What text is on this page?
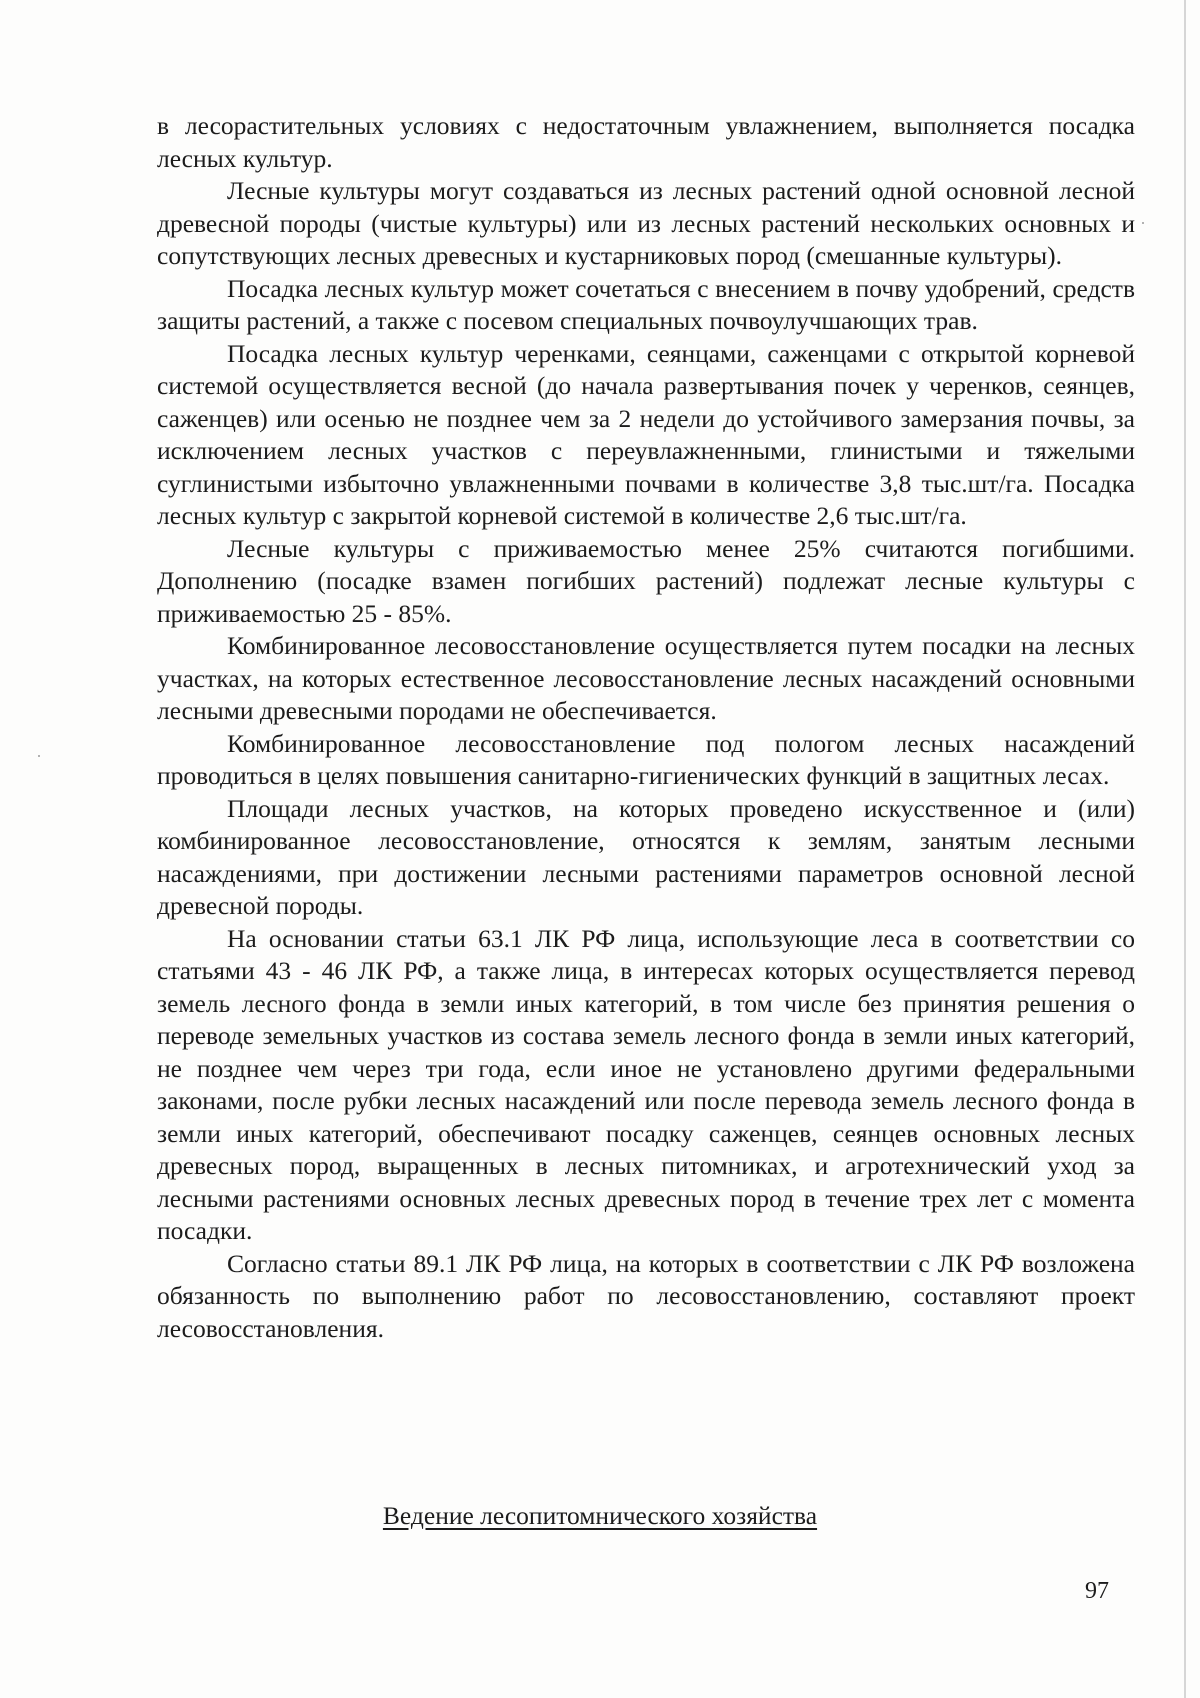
в лесорастительных условиях с недостаточным увлажнением, выполняется посадка лесных культур.

Лесные культуры могут создаваться из лесных растений одной основной лесной древесной породы (чистые культуры) или из лесных растений нескольких основных и сопутствующих лесных древесных и кустарниковых пород (смешанные культуры).

Посадка лесных культур может сочетаться с внесением в почву удобрений, средств защиты растений, а также с посевом специальных почвоулучшающих трав.

Посадка лесных культур черенками, сеянцами, саженцами с открытой корневой системой осуществляется весной (до начала развертывания почек у черенков, сеянцев, саженцев) или осенью не позднее чем за 2 недели до устойчивого замерзания почвы, за исключением лесных участков с переувлажненными, глинистыми и тяжелыми суглинистыми избыточно увлажненными почвами в количестве 3,8 тыс.шт/га. Посадка лесных культур с закрытой корневой системой в количестве 2,6 тыс.шт/га.

Лесные культуры с приживаемостью менее 25% считаются погибшими. Дополнению (посадке взамен погибших растений) подлежат лесные культуры с приживаемостью 25 - 85%.

Комбинированное лесовосстановление осуществляется путем посадки на лесных участках, на которых естественное лесовосстановление лесных насаждений основными лесными древесными породами не обеспечивается.

Комбинированное лесовосстановление под пологом лесных насаждений проводиться в целях повышения санитарно-гигиенических функций в защитных лесах.

Площади лесных участков, на которых проведено искусственное и (или) комбинированное лесовосстановление, относятся к землям, занятым лесными насаждениями, при достижении лесными растениями параметров основной лесной древесной породы.

На основании статьи 63.1 ЛК РФ лица, использующие леса в соответствии со статьями 43 - 46 ЛК РФ, а также лица, в интересах которых осуществляется перевод земель лесного фонда в земли иных категорий, в том числе без принятия решения о переводе земельных участков из состава земель лесного фонда в земли иных категорий, не позднее чем через три года, если иное не установлено другими федеральными законами, после рубки лесных насаждений или после перевода земель лесного фонда в земли иных категорий, обеспечивают посадку саженцев, сеянцев основных лесных древесных пород, выращенных в лесных питомниках, и агротехнический уход за лесными растениями основных лесных древесных пород в течение трех лет с момента посадки.

Согласно статьи 89.1 ЛК РФ лица, на которых в соответствии с ЛК РФ возложена обязанность по выполнению работ по лесовосстановлению, составляют проект лесовосстановления.

Ведение лесопитомнического хозяйства
97
